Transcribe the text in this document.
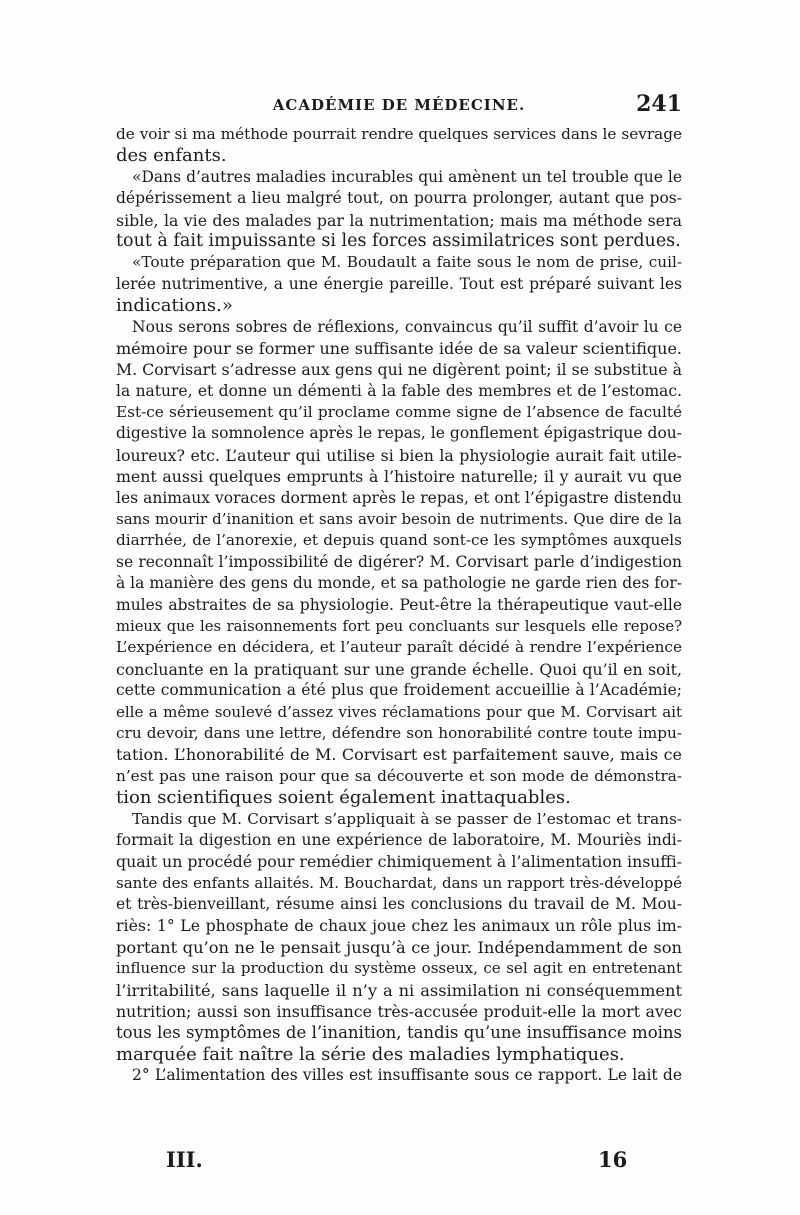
ACADÉMIE DE MÉDECINE.	241
de voir si ma méthode pourrait rendre quelques services dans le sevrage
des enfants.
«Dans d’autres maladies incurables qui amènent un tel trouble que le
dépérissement a lieu malgré tout, on pourra prolonger, autant que pos-
sible, la vie des malades par la nutrimentation; mais ma méthode sera
tout à fait impuissante si les forces assimilatrices sont perdues.
«Toute préparation que M. Boudault a faite sous le nom de prise, cuil-
lerée nutrimentive, a une énergie pareille. Tout est préparé suivant les
indications.»
Nous serons sobres de réflexions, convaincus qu’il suffit d’avoir lu ce
mémoire pour se former une suffisante idée de sa valeur scientifique.
M. Corvisart s’adresse aux gens qui ne digèrent point; il se substitue à
la nature, et donne un démenti à la fable des membres et de l’estomac.
Est-ce sérieusement qu’il proclame comme signe de l’absence de faculté
digestive la somnolence après le repas, le gonflement épigastrique dou-
loureux? etc. L’auteur qui utilise si bien la physiologie aurait fait utile-
ment aussi quelques emprunts à l’histoire naturelle; il y aurait vu que
les animaux voraces dorment après le repas, et ont l’épigastre distendu
sans mourir d’inanition et sans avoir besoin de nutriments. Que dire de la
diarrhée, de l’anorexie, et depuis quand sont-ce les symptômes auxquels
se reconnaît l’impossibilité de digérer? M. Corvisart parle d’indigestion
à la manière des gens du monde, et sa pathologie ne garde rien des for-
mules abstraites de sa physiologie. Peut-être la thérapeutique vaut-elle
mieux que les raisonnements fort peu concluants sur lesquels elle repose?
L’expérience en décidera, et l’auteur paraît décidé à rendre l’expérience
concluante en la pratiquant sur une grande échelle. Quoi qu’il en soit,
cette communication a été plus que froidement accueillie à l’Académie;
elle a même soulevé d’assez vives réclamations pour que M. Corvisart ait
cru devoir, dans une lettre, défendre son honorabilité contre toute impu-
tation. L’honorabilité de M. Corvisart est parfaitement sauve, mais ce
n’est pas une raison pour que sa découverte et son mode de démonstra-
tion scientifiques soient également inattaquables.
Tandis que M. Corvisart s’appliquait à se passer de l’estomac et trans-
formait la digestion en une expérience de laboratoire, M. Mouriès indi-
quait un procédé pour remédier chimiquement à l’alimentation insuffi-
sante des enfants allaités. M. Bouchardat, dans un rapport très-développé
et très-bienveillant, résume ainsi les conclusions du travail de M. Mou-
riès: 1° Le phosphate de chaux joue chez les animaux un rôle plus im-
portant qu’on ne le pensait jusqu’à ce jour. Indépendamment de son
influence sur la production du système osseux, ce sel agit en entretenant
l’irritabilité, sans laquelle il n’y a ni assimilation ni conséquemment
nutrition; aussi son insuffisance très-accusée produit-elle la mort avec
tous les symptômes de l’inanition, tandis qu’une insuffisance moins
marquée fait naître la série des maladies lymphatiques.
2° L’alimentation des villes est insuffisante sous ce rapport. Le lait de
III.	16
